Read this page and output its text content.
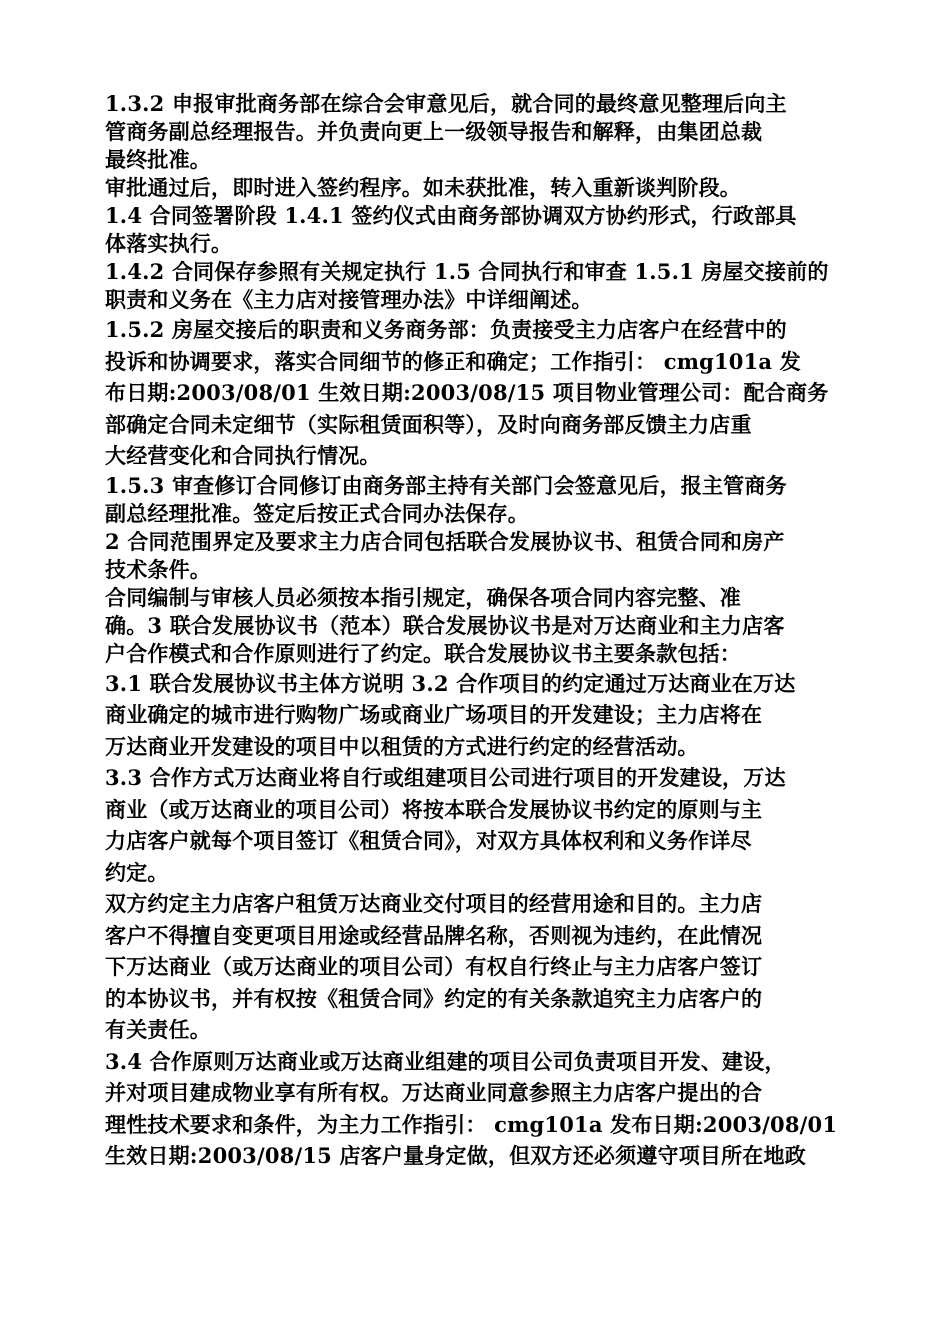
1.3.2 申报审批商务部在综合会审意见后，就合同的最终意见整理后向主
管商务副总经理报告。并负责向更上一级领导报告和解释，由集团总裁
最终批准。
审批通过后，即时进入签约程序。如未获批准，转入重新谈判阶段。
1.4 合同签署阶段 1.4.1 签约仪式由商务部协调双方协约形式，行政部具
体落实执行。
1.4.2 合同保存参照有关规定执行 1.5 合同执行和审查 1.5.1 房屋交接前的
职责和义务在《主力店对接管理办法》中详细阐述。
1.5.2 房屋交接后的职责和义务商务部：负责接受主力店客户在经营中的
投诉和协调要求，落实合同细节的修正和确定；工作指引： cmg101a 发
布日期:2003/08/01 生效日期:2003/08/15 项目物业管理公司：配合商务
部确定合同未定细节（实际租赁面积等），及时向商务部反馈主力店重
大经营变化和合同执行情况。
1.5.3 审查修订合同修订由商务部主持有关部门会签意见后，报主管商务
副总经理批准。签定后按正式合同办法保存。
2 合同范围界定及要求主力店合同包括联合发展协议书、租赁合同和房产
技术条件。
合同编制与审核人员必须按本指引规定，确保各项合同内容完整、准
确。3 联合发展协议书（范本）联合发展协议书是对万达商业和主力店客
户合作模式和合作原则进行了约定。联合发展协议书主要条款包括：
3.1 联合发展协议书主体方说明 3.2 合作项目的约定通过万达商业在万达
商业确定的城市进行购物广场或商业广场项目的开发建设；主力店将在
万达商业开发建设的项目中以租赁的方式进行约定的经营活动。
3.3 合作方式万达商业将自行或组建项目公司进行项目的开发建设，万达
商业（或万达商业的项目公司）将按本联合发展协议书约定的原则与主
力店客户就每个项目签订《租赁合同》，对双方具体权利和义务作详尽
约定。
双方约定主力店客户租赁万达商业交付项目的经营用途和目的。主力店
客户不得擅自变更项目用途或经营品牌名称，否则视为违约，在此情况
下万达商业（或万达商业的项目公司）有权自行终止与主力店客户签订
的本协议书，并有权按《租赁合同》约定的有关条款追究主力店客户的
有关责任。
3.4 合作原则万达商业或万达商业组建的项目公司负责项目开发、建设，
并对项目建成物业享有所有权。万达商业同意参照主力店客户提出的合
理性技术要求和条件，为主力工作指引： cmg101a 发布日期:2003/08/01
生效日期:2003/08/15 店客户量身定做，但双方还必须遵守项目所在地政
